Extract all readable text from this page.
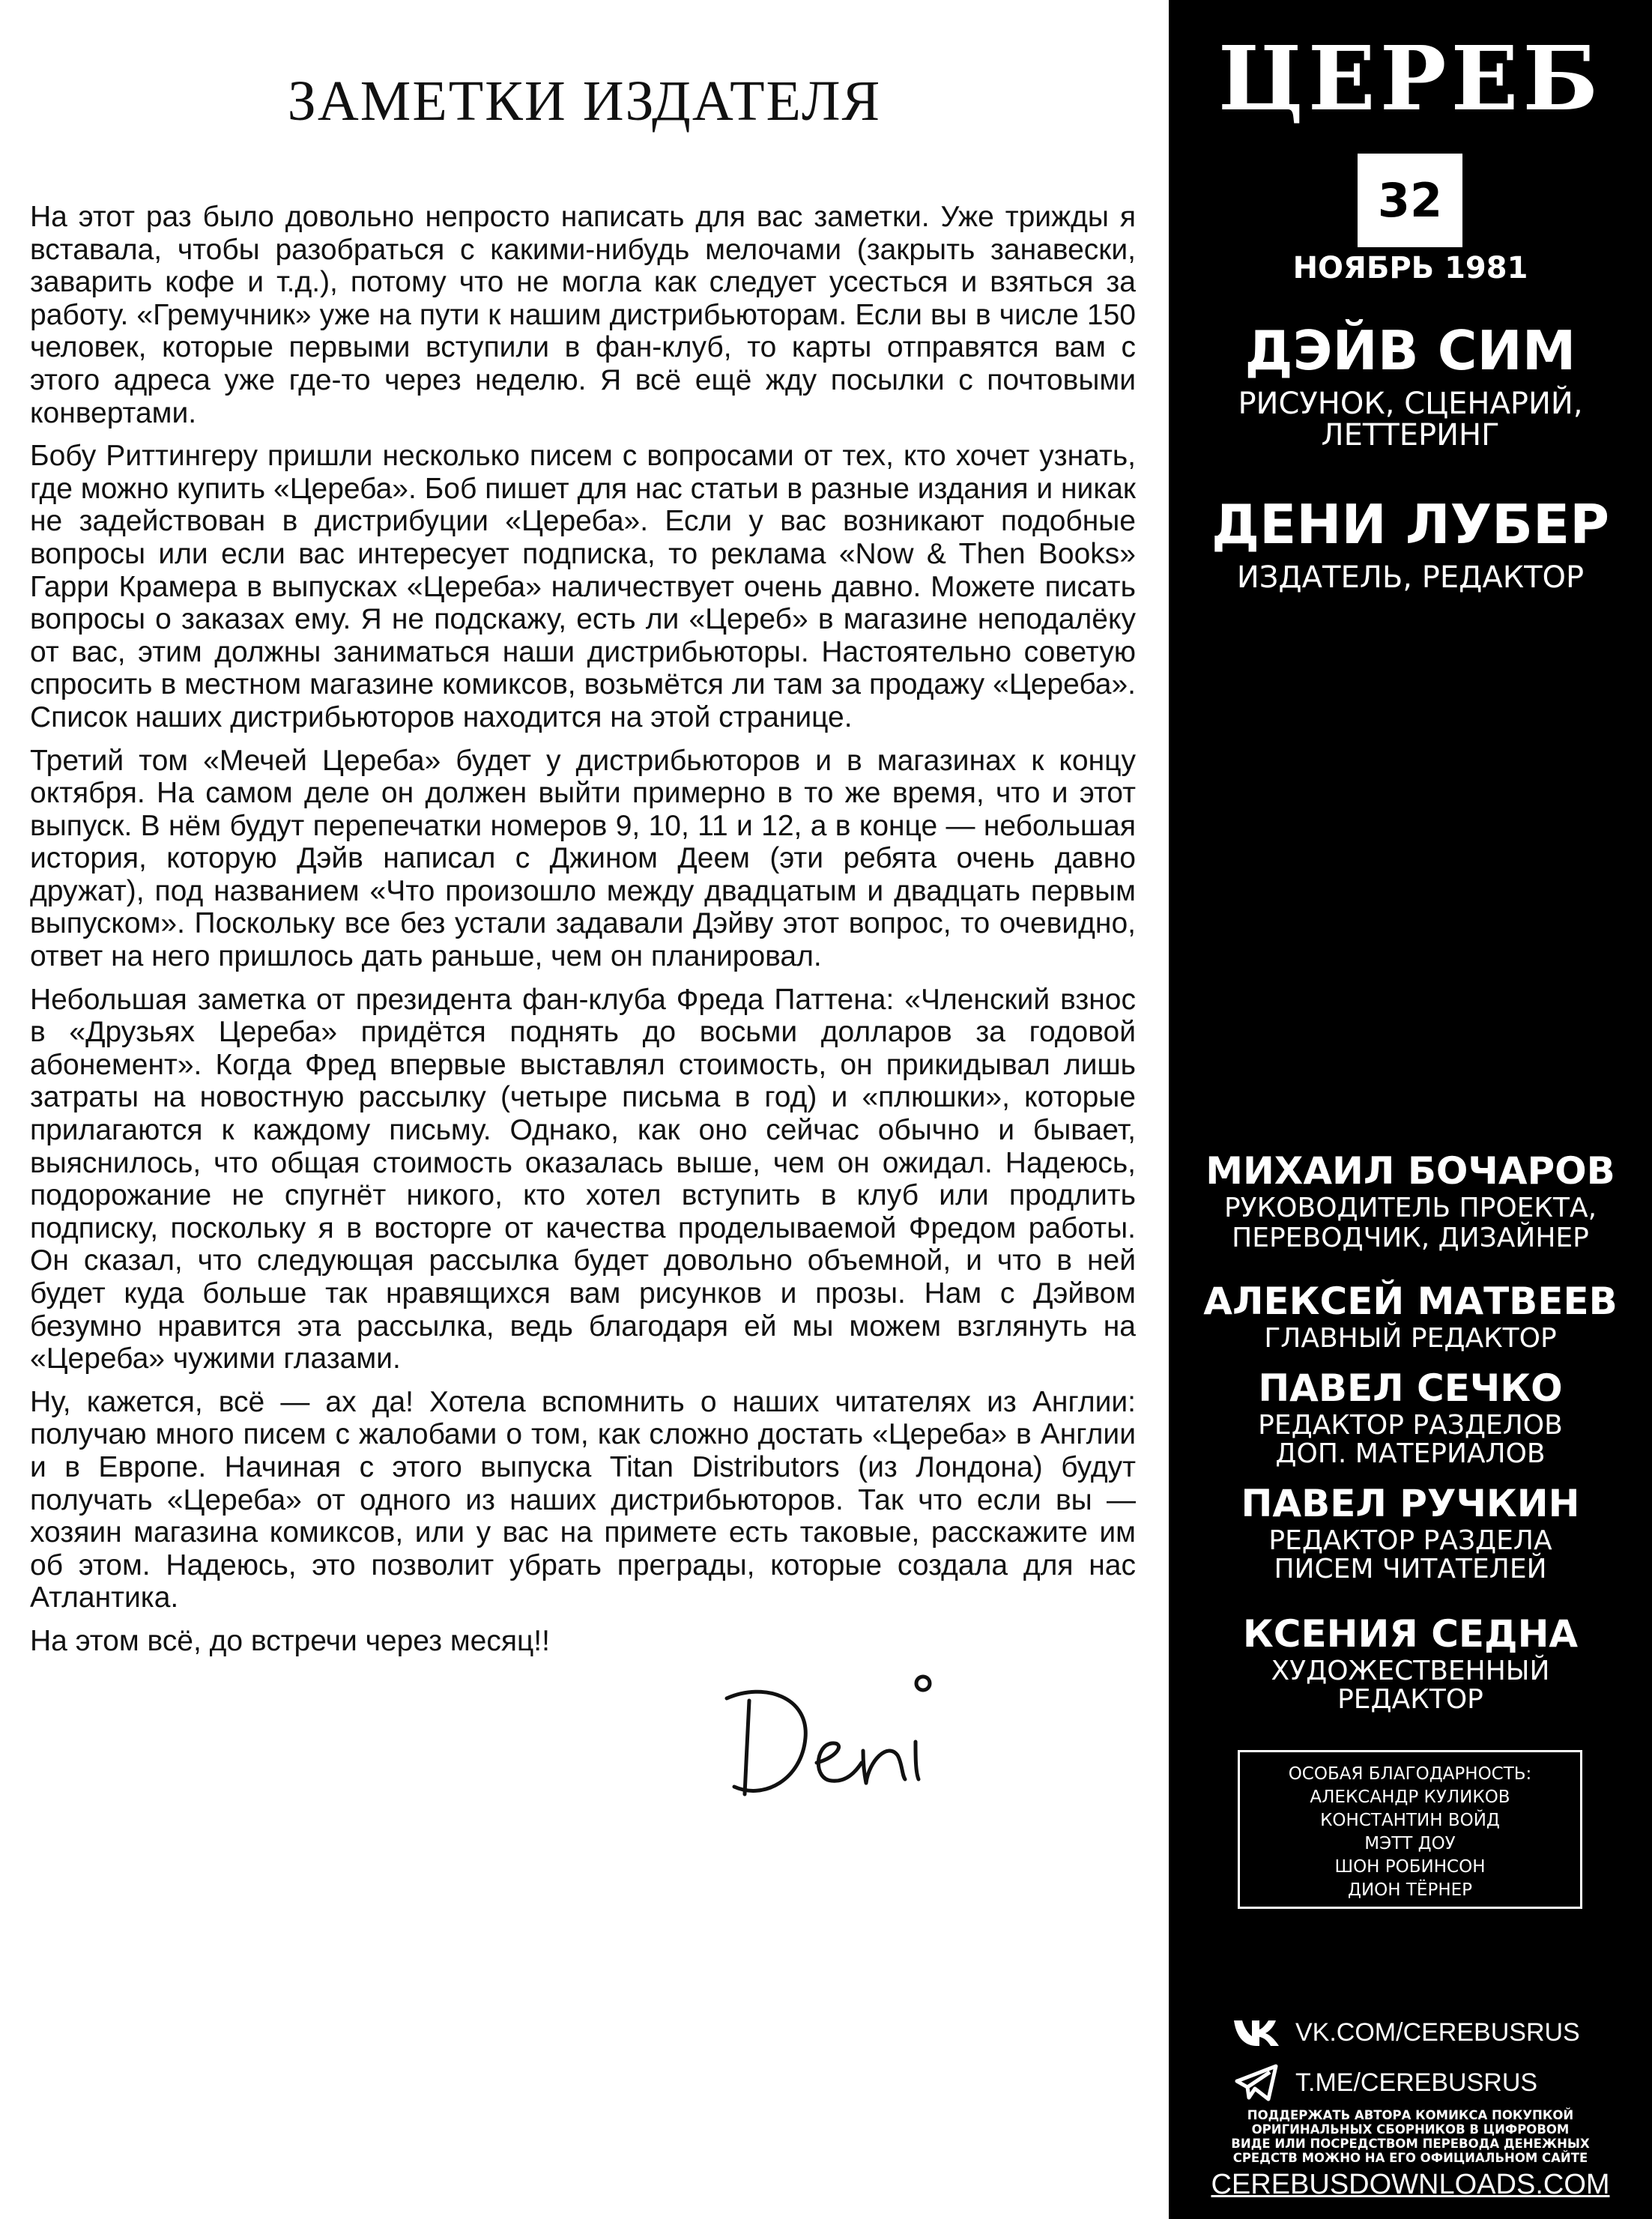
ЗАМЕТКИ ИЗДАТЕЛЯ

На этот раз было довольно непросто написать для вас заметки. Уже трижды я вставала, чтобы разобраться с какими-нибудь мелочами (закрыть занавески, заварить кофе и т.д.), потому что не могла как следует усесться и взяться за работу. «Гремучник» уже на пути к нашим дистрибьюторам. Если вы в числе 150 человек, которые первыми вступили в фан-клуб, то карты отправятся вам с этого адреса уже где-то через неделю. Я всё ещё жду посылки с почтовыми конвертами.

Бобу Риттингеру пришли несколько писем с вопросами от тех, кто хочет узнать, где можно купить «Цереба». Боб пишет для нас статьи в разные издания и никак не задействован в дистрибуции «Цереба». Если у вас возникают подобные вопросы или если вас интересует подписка, то реклама «Now & Then Books» Гарри Крамера в выпусках «Цереба» наличествует очень давно. Можете писать вопросы о заказах ему. Я не подскажу, есть ли «Цереб» в магазине неподалёку от вас, этим должны заниматься наши дистрибьюторы. Настоятельно советую спросить в местном магазине комиксов, возьмётся ли там за продажу «Цереба». Список наших дистрибьюторов находится на этой странице.

Третий том «Мечей Цереба» будет у дистрибьюторов и в магазинах к концу октября. На самом деле он должен выйти примерно в то же время, что и этот выпуск. В нём будут перепечатки номеров 9, 10, 11 и 12, а в конце — небольшая история, которую Дэйв написал с Джином Деем (эти ребята очень давно дружат), под названием «Что произошло между двадцатым и двадцать первым выпуском». Поскольку все без устали задавали Дэйву этот вопрос, то очевидно, ответ на него пришлось дать раньше, чем он планировал.

Небольшая заметка от президента фан-клуба Фреда Паттена: «Членский взнос в «Друзьях Цереба» придётся поднять до восьми долларов за годовой абонемент». Когда Фред впервые выставлял стоимость, он прикидывал лишь затраты на новостную рассылку (четыре письма в год) и «плюшки», которые прилагаются к каждому письму. Однако, как оно сейчас обычно и бывает, выяснилось, что общая стоимость оказалась выше, чем он ожидал. Надеюсь, подорожание не спугнёт никого, кто хотел вступить в клуб или продлить подписку, поскольку я в восторге от качества проделываемой Фредом работы. Он сказал, что следующая рассылка будет довольно объемной, и что в ней будет куда больше так нравящихся вам рисунков и прозы. Нам с Дэйвом безумно нравится эта рассылка, ведь благодаря ей мы можем взглянуть на «Цереба» чужими глазами.

Ну, кажется, всё — ах да! Хотела вспомнить о наших читателях из Англии: получаю много писем с жалобами о том, как сложно достать «Цереба» в Англии и в Европе. Начиная с этого выпуска Titan Distributors (из Лондона) будут получать «Цереба» от одного из наших дистрибьюторов. Так что если вы — хозяин магазина комиксов, или у вас на примете есть таковые, расскажите им об этом. Надеюсь, это позволит убрать преграды, которые создала для нас Атлантика.

На этом всё, до встречи через месяц!!

ЦЕРЕБ
32
НОЯБРЬ 1981
ДЭЙВ СИМ
РИСУНОК, СЦЕНАРИЙ,
ЛЕТТЕРИНГ
ДЕНИ ЛУБЕР
ИЗДАТЕЛЬ, РЕДАКТОР
МИХАИЛ БОЧАРОВ
РУКОВОДИТЕЛЬ ПРОЕКТА,
ПЕРЕВОДЧИК, ДИЗАЙНЕР
АЛЕКСЕЙ МАТВЕЕВ
ГЛАВНЫЙ РЕДАКТОР
ПАВЕЛ СЕЧКО
РЕДАКТОР РАЗДЕЛОВ
ДОП. МАТЕРИАЛОВ
ПАВЕЛ РУЧКИН
РЕДАКТОР РАЗДЕЛА
ПИСЕМ ЧИТАТЕЛЕЙ
КСЕНИЯ СЕДНА
ХУДОЖЕСТВЕННЫЙ
РЕДАКТОР
ОСОБАЯ БЛАГОДАРНОСТЬ:
АЛЕКСАНДР КУЛИКОВ
КОНСТАНТИН ВОЙД
МЭТТ ДОУ
ШОН РОБИНСОН
ДИОН ТЁРНЕР
VK.COM/CEREBUSRUS
T.ME/CEREBUSRUS
ПОДДЕРЖАТЬ АВТОРА КОМИКСА ПОКУПКОЙ
ОРИГИНАЛЬНЫХ СБОРНИКОВ В ЦИФРОВОМ
ВИДЕ ИЛИ ПОСРЕДСТВОМ ПЕРЕВОДА ДЕНЕЖНЫХ
СРЕДСТВ МОЖНО НА ЕГО ОФИЦИАЛЬНОМ САЙТЕ
CEREBUSDOWNLOADS.COM
